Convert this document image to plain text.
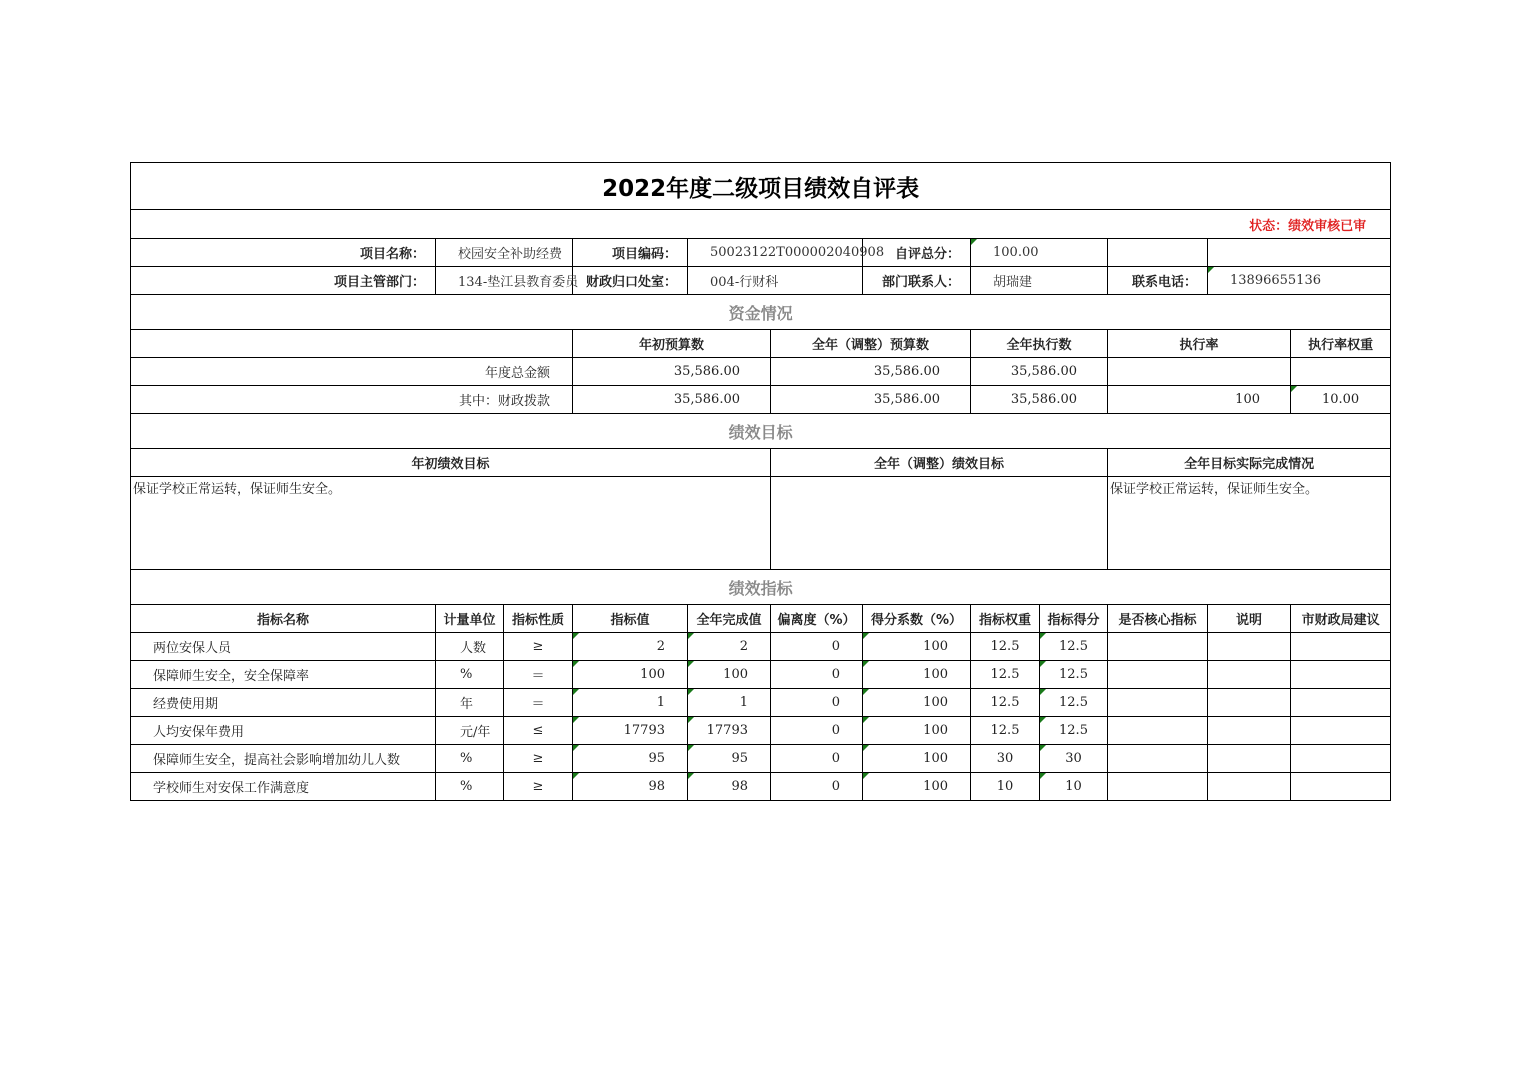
2022年度二级项目绩效自评表												
状态：绩效审核已审												
项目名称：	校园安全补助经费		项目编码：	50023122T000002040908		自评总分：	100.00					
项目主管部门：	134-垫江县教育委员		财政归口处室：	004-行财科		部门联系人：	胡瑞建		联系电话：	13896655136		
资金情况												
			年初预算数		全年（调整）预算数		全年执行数		执行率		执行率权重	
年度总金额			35,586.00		35,586.00		35,586.00					
其中：财政拨款			35,586.00		35,586.00		35,586.00		100		10.00	
绩效目标												
年初绩效目标					全年（调整）绩效目标				全年目标实际完成情况			
保证学校正常运转，保证师生安全。									保证学校正常运转，保证师生安全。			
绩效指标												
指标名称	计量单位	指标性质	指标值	全年完成值	偏离度（%）	得分系数（%）	指标权重	指标得分	是否核心指标	说明	市财政局建议	
两位安保人员	人数	≥	2	2	0	100	12.5	12.5				
保障师生安全，安全保障率	%	＝	100	100	0	100	12.5	12.5				
经费使用期	年	＝	1	1	0	100	12.5	12.5				
人均安保年费用	元/年	≤	17793	17793	0	100	12.5	12.5				
保障师生安全，提高社会影响增加幼儿人数	%	≥	95	95	0	100	30	30				
学校师生对安保工作满意度	%	≥	98	98	0	100	10	10				
